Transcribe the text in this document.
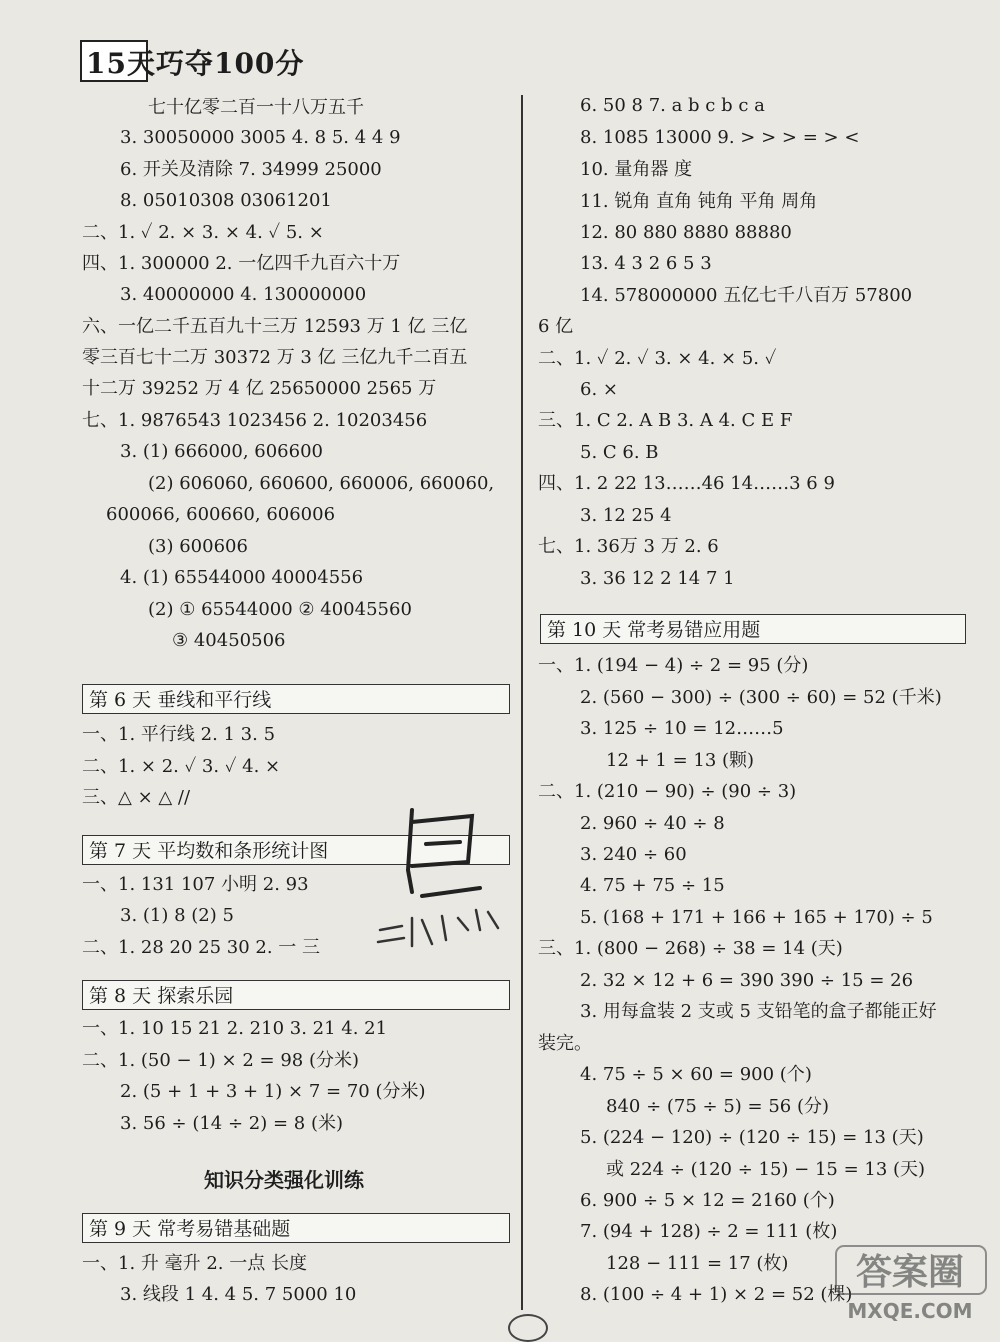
15天巧夺100分
七十亿零二百一十八万五千
3. 30050000 3005 4. 8 5. 4 4 9
6. 开关及清除 7. 34999 25000
8. 05010308 03061201
二、1. ✓ 2. × 3. × 4. ✓ 5. ×
四、1. 300000 2. 一亿四千九百六十万
3. 40000000 4. 130000000
六、一亿二千五百九十三万 12593 万 1 亿 三亿
零三百七十二万 30372 万 3 亿 三亿九千二百五
十二万 39252 万 4 亿 25650000 2565 万
七、1. 9876543 1023456 2. 10203456
3. (1) 666000, 606600
(2) 606060, 660600, 660006, 660060,
600066, 600660, 606006
(3) 600606
4. (1) 65544000 40004556
(2) ① 65544000 ② 40045560
③ 40450506
第 6 天 垂线和平行线
一、1. 平行线 2. 1 3. 5
二、1. × 2. ✓ 3. ✓ 4. ×
三、△ × △ //
第 7 天 平均数和条形统计图
一、1. 131 107 小明 2. 93
3. (1) 8 (2) 5
二、1. 28 20 25 30 2. 一 三
第 8 天 探索乐园
一、1. 10 15 21 2. 210 3. 21 4. 21
二、1. (50 − 1) × 2 = 98 (分米)
2. (5 + 1 + 3 + 1) × 7 = 70 (分米)
3. 56 ÷ (14 ÷ 2) = 8 (米)
知识分类强化训练
第 9 天 常考易错基础题
一、1. 升 毫升 2. 一点 长度
3. 线段 1 4. 4 5. 7 5000 10
6. 50 8 7. a b c b c a
8. 1085 13000 9. > > > = > <
10. 量角器 度
11. 锐角 直角 钝角 平角 周角
12. 80 880 8880 88880
13. 4 3 2 6 5 3
14. 578000000 五亿七千八百万 57800
6 亿
二、1. ✓ 2. ✓ 3. × 4. × 5. ✓
6. ×
三、1. C 2. A B 3. A 4. C E F
5. C 6. B
四、1. 2 22 13……46 14……3 6 9
3. 12 25 4
七、1. 36万 3 万 2. 6
3. 36 12 2 14 7 1
第 10 天 常考易错应用题
一、1. (194 − 4) ÷ 2 = 95 (分)
2. (560 − 300) ÷ (300 ÷ 60) = 52 (千米)
3. 125 ÷ 10 = 12……5
12 + 1 = 13 (颗)
二、1. (210 − 90) ÷ (90 ÷ 3)
2. 960 ÷ 40 ÷ 8
3. 240 ÷ 60
4. 75 + 75 ÷ 15
5. (168 + 171 + 166 + 165 + 170) ÷ 5
三、1. (800 − 268) ÷ 38 = 14 (天)
2. 32 × 12 + 6 = 390 390 ÷ 15 = 26
3. 用每盒装 2 支或 5 支铅笔的盒子都能正好
装完。
4. 75 ÷ 5 × 60 = 900 (个)
840 ÷ (75 ÷ 5) = 56 (分)
5. (224 − 120) ÷ (120 ÷ 15) = 13 (天)
或 224 ÷ (120 ÷ 15) − 15 = 13 (天)
6. 900 ÷ 5 × 12 = 2160 (个)
7. (94 + 128) ÷ 2 = 111 (枚)
128 − 111 = 17 (枚)
8. (100 ÷ 4 + 1) × 2 = 52 (棵)
答案圈
MXQE.COM
